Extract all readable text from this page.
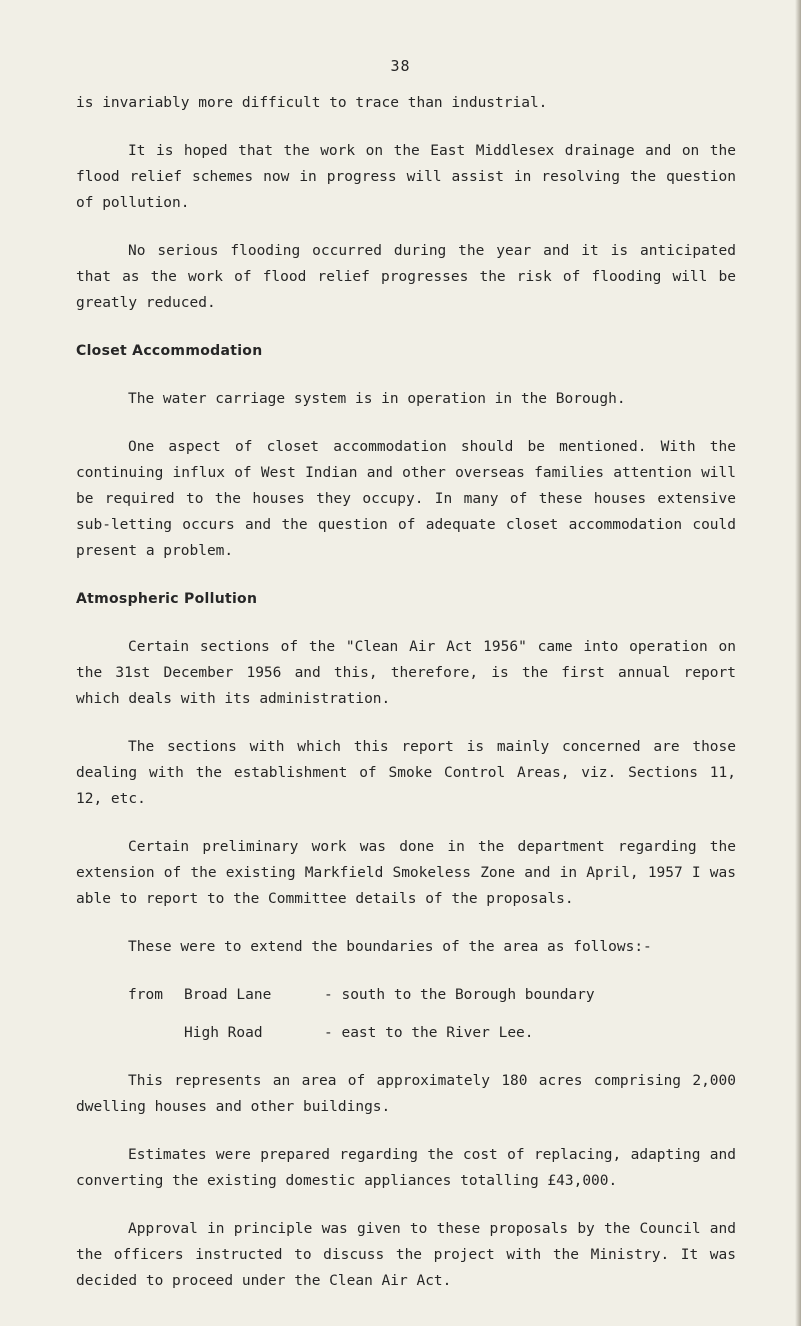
38

is invariably more difficult to trace than industrial.

It is hoped that the work on the East Middlesex drainage and on the flood relief schemes now in progress will assist in resolving the question of pollution.

No serious flooding occurred during the year and it is anticipated that as the work of flood relief progresses the risk of flooding will be greatly reduced.

Closet Accommodation

The water carriage system is in operation in the Borough.

One aspect of closet accommodation should be mentioned. With the continuing influx of West Indian and other overseas families attention will be required to the houses they occupy. In many of these houses extensive sub-letting occurs and the question of adequate closet accommodation could present a problem.

Atmospheric Pollution

Certain sections of the "Clean Air Act 1956" came into operation on the 31st December 1956 and this, therefore, is the first annual report which deals with its administration.

The sections with which this report is mainly concerned are those dealing with the establishment of Smoke Control Areas, viz. Sections 11, 12, etc.

Certain preliminary work was done in the department regarding the extension of the existing Markfield Smokeless Zone and in April, 1957 I was able to report to the Committee details of the proposals.

These were to extend the boundaries of the area as follows:-

from	Broad Lane	- south to the Borough boundary
High Road	- east to the River Lee.

This represents an area of approximately 180 acres comprising 2,000 dwelling houses and other buildings.

Estimates were prepared regarding the cost of replacing, adapting and converting the existing domestic appliances totalling £43,000.

Approval in principle was given to these proposals by the Council and the officers instructed to discuss the project with the Ministry. It was decided to proceed under the Clean Air Act.
